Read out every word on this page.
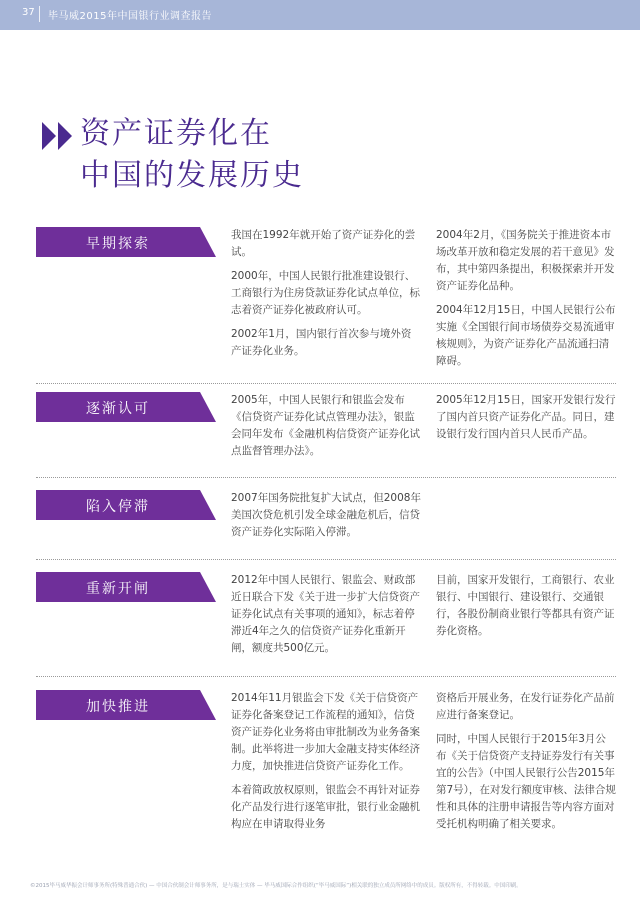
37 毕马威2015年中国银行业调查报告
资产证券化在
中国的发展历史
早期探索

我国在1992年就开始了资产证券化的尝试。

2000年，中国人民银行批准建设银行、工商银行为住房贷款证券化试点单位，标志着资产证券化被政府认可。

2002年1月，国内银行首次参与境外资产证券化业务。

2004年2月，《国务院关于推进资本市场改革开放和稳定发展的若干意见》发布，其中第四条提出，积极探索并开发资产证券化品种。

2004年12月15日，中国人民银行公布实施《全国银行间市场债券交易流通审核规则》，为资产证券化产品流通扫清障碍。

逐渐认可

2005年，中国人民银行和银监会发布《信贷资产证券化试点管理办法》，银监会同年发布《金融机构信贷资产证券化试点监督管理办法》。

2005年12月15日，国家开发银行发行了国内首只资产证券化产品。同日，建设银行发行国内首只人民币产品。

陷入停滞

2007年国务院批复扩大试点，但2008年美国次贷危机引发全球金融危机后，信贷资产证券化实际陷入停滞。

重新开闸

2012年中国人民银行、银监会、财政部近日联合下发《关于进一步扩大信贷资产证券化试点有关事项的通知》，标志着停滞近4年之久的信贷资产证券化重新开闸，额度共500亿元。

目前，国家开发银行，工商银行、农业银行、中国银行、建设银行、交通银行，各股份制商业银行等都具有资产证券化资格。

加快推进

2014年11月银监会下发《关于信贷资产证券化备案登记工作流程的通知》，信贷资产证券化业务将由审批制改为业务备案制。此举将进一步加大金融支持实体经济力度，加快推进信贷资产证券化工作。

本着简政放权原则，银监会不再针对证券化产品发行进行逐笔审批，银行业金融机构应在申请取得业务

资格后开展业务，在发行证券化产品前应进行备案登记。

同时，中国人民银行于2015年3月公布《关于信贷资产支持证券发行有关事宜的公告》（中国人民银行公告2015年第7号），在对发行额度审核、法律合规性和具体的注册申请报告等内容方面对受托机构明确了相关要求。

©2015毕马威华振会计师事务所(特殊普通合伙) — 中国合伙制会计师事务所，是与瑞士实体 — 毕马威国际合作组织(“毕马威国际”)相关联的独立成员所网络中的成员。版权所有，不得转载。中国印刷。
